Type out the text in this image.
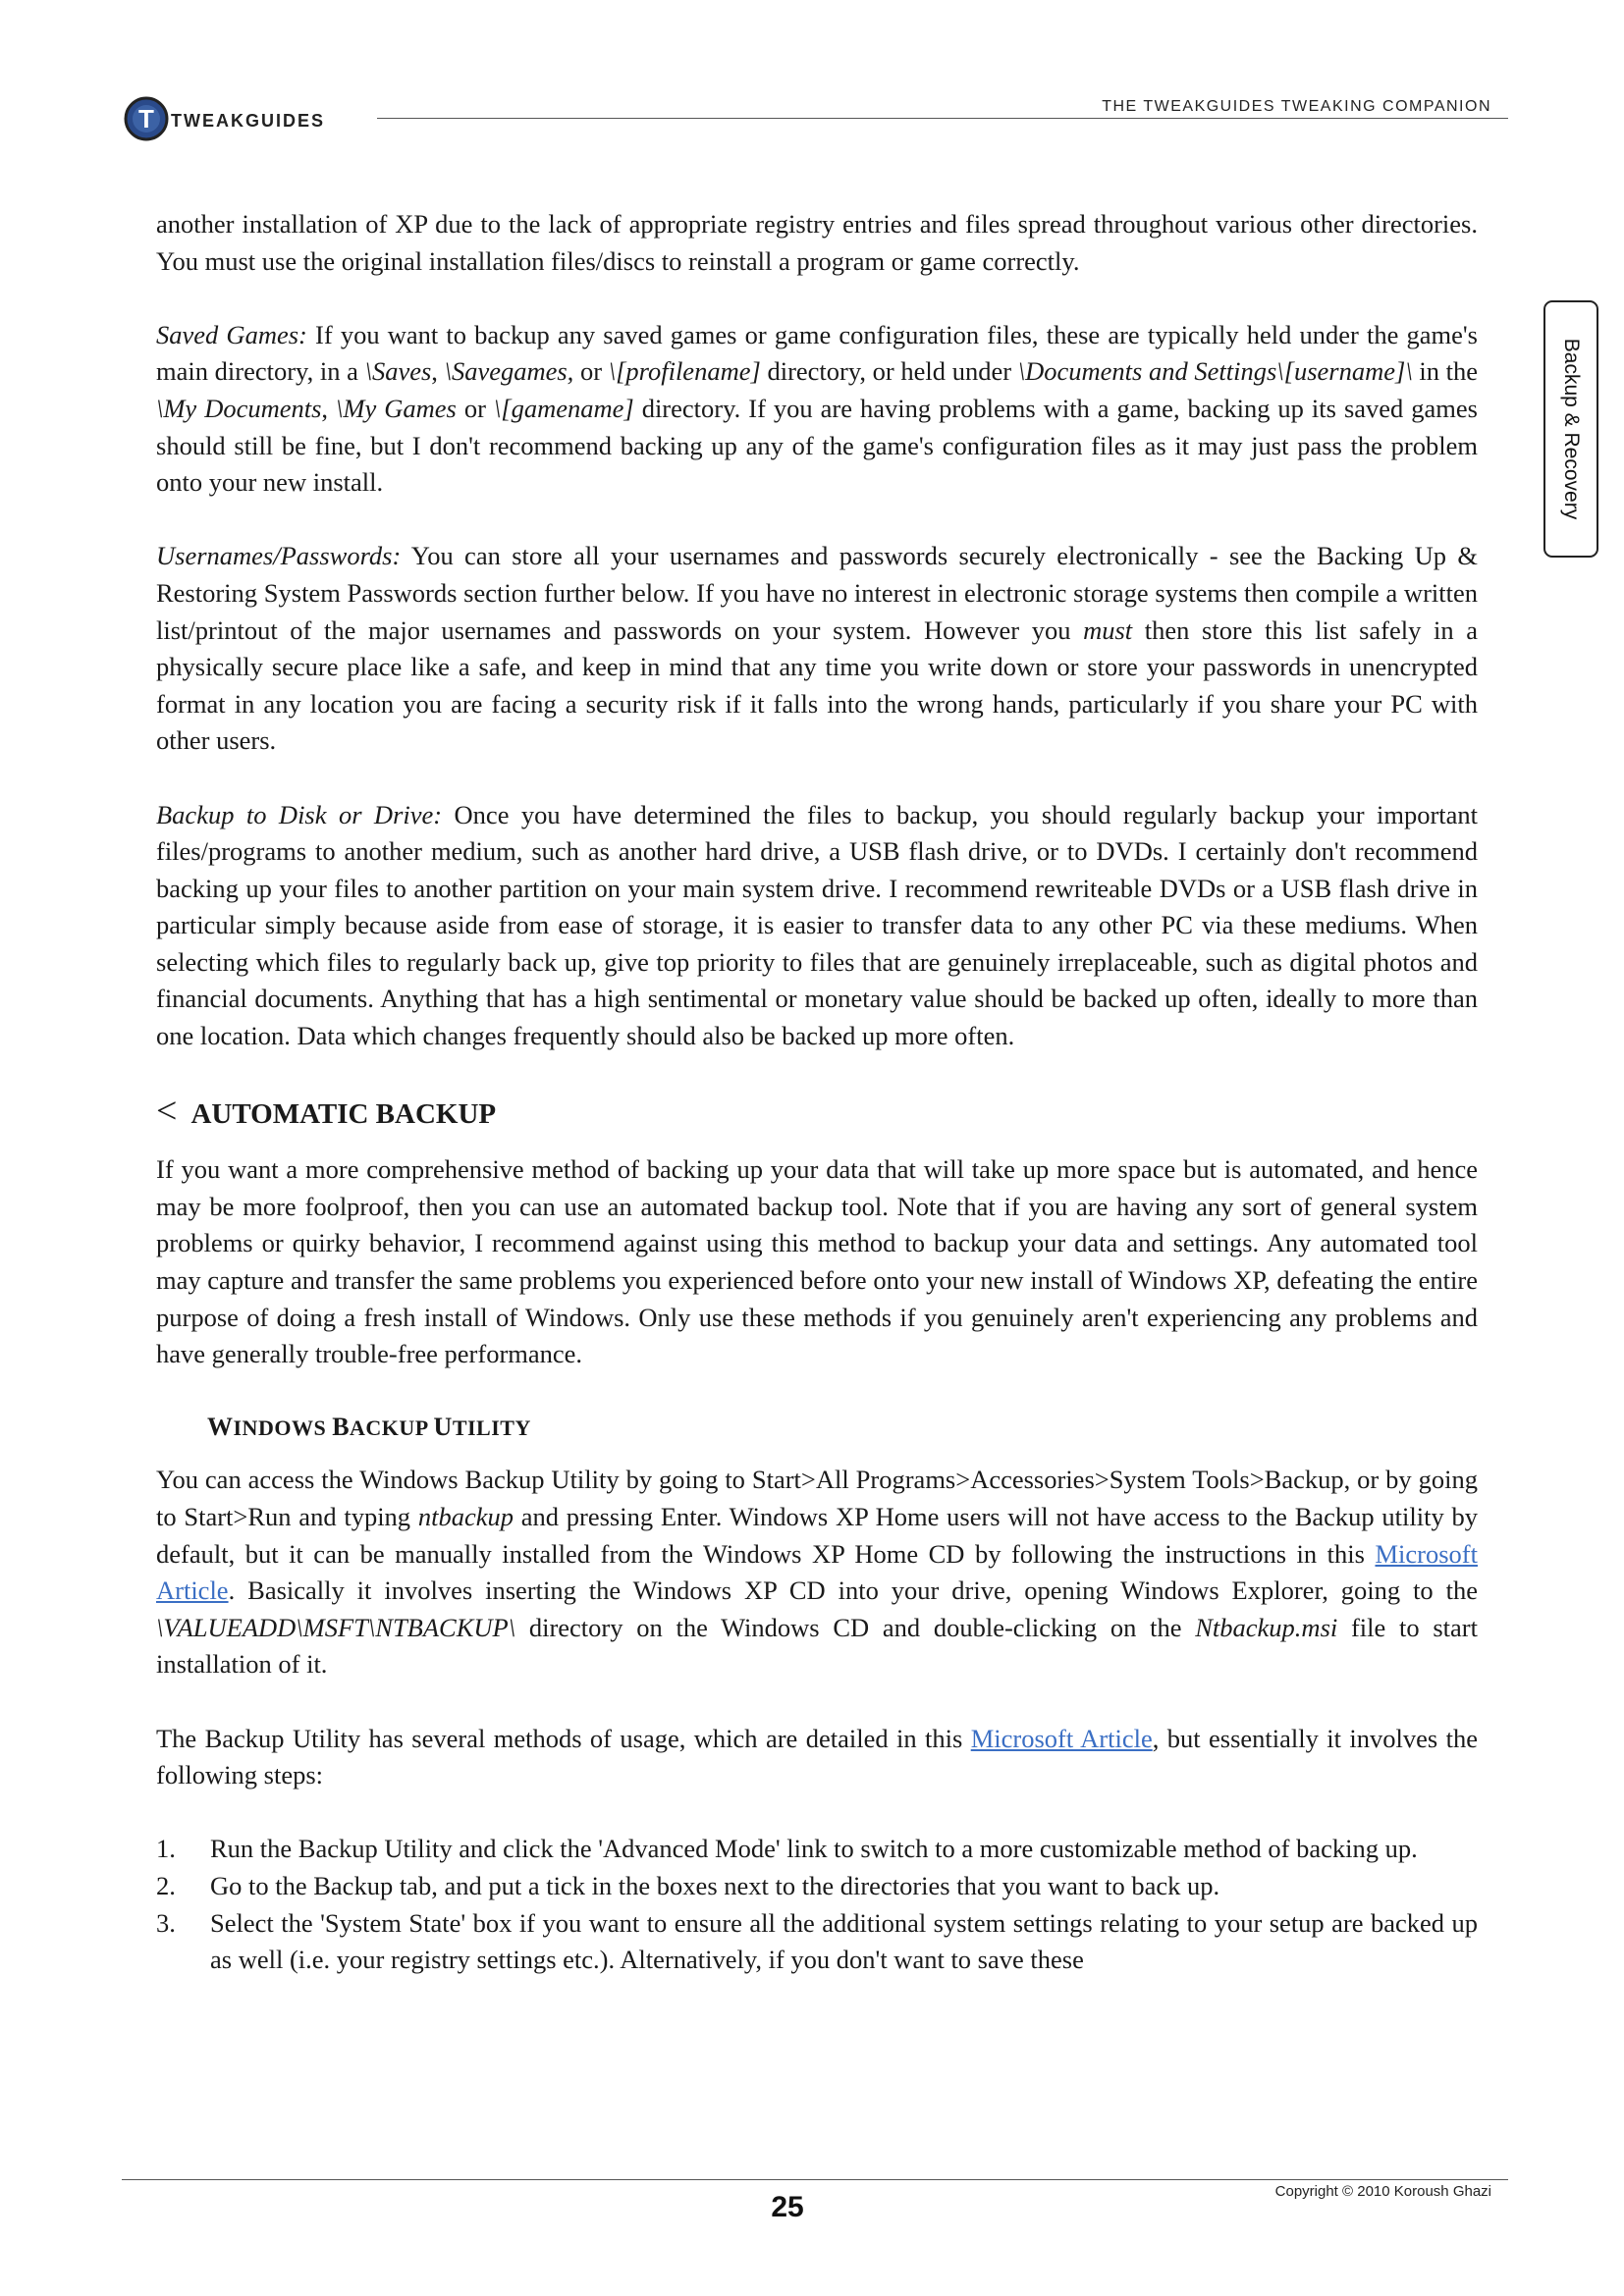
T TWEAKGUIDES
THE TWEAKGUIDES TWEAKING COMPANION
Backup & Recovery

another installation of XP due to the lack of appropriate registry entries and files spread throughout various other directories. You must use the original installation files/discs to reinstall a program or game correctly.

Saved Games: If you want to backup any saved games or game configuration files, these are typically held under the game's main directory, in a \Saves, \Savegames, or \[profilename] directory, or held under \Documents and Settings\[username]\ in the \My Documents, \My Games or \[gamename] directory. If you are having problems with a game, backing up its saved games should still be fine, but I don't recommend backing up any of the game's configuration files as it may just pass the problem onto your new install.

Usernames/Passwords: You can store all your usernames and passwords securely electronically - see the Backing Up & Restoring System Passwords section further below. If you have no interest in electronic storage systems then compile a written list/printout of the major usernames and passwords on your system. However you must then store this list safely in a physically secure place like a safe, and keep in mind that any time you write down or store your passwords in unencrypted format in any location you are facing a security risk if it falls into the wrong hands, particularly if you share your PC with other users.

Backup to Disk or Drive: Once you have determined the files to backup, you should regularly backup your important files/programs to another medium, such as another hard drive, a USB flash drive, or to DVDs. I certainly don't recommend backing up your files to another partition on your main system drive. I recommend rewriteable DVDs or a USB flash drive in particular simply because aside from ease of storage, it is easier to transfer data to any other PC via these mediums. When selecting which files to regularly back up, give top priority to files that are genuinely irreplaceable, such as digital photos and financial documents. Anything that has a high sentimental or monetary value should be backed up often, ideally to more than one location. Data which changes frequently should also be backed up more often.

< AUTOMATIC BACKUP

If you want a more comprehensive method of backing up your data that will take up more space but is automated, and hence may be more foolproof, then you can use an automated backup tool. Note that if you are having any sort of general system problems or quirky behavior, I recommend against using this method to backup your data and settings. Any automated tool may capture and transfer the same problems you experienced before onto your new install of Windows XP, defeating the entire purpose of doing a fresh install of Windows. Only use these methods if you genuinely aren't experiencing any problems and have generally trouble-free performance.

WINDOWS BACKUP UTILITY

You can access the Windows Backup Utility by going to Start>All Programs>Accessories>System Tools>Backup, or by going to Start>Run and typing ntbackup and pressing Enter. Windows XP Home users will not have access to the Backup utility by default, but it can be manually installed from the Windows XP Home CD by following the instructions in this Microsoft Article. Basically it involves inserting the Windows XP CD into your drive, opening Windows Explorer, going to the \VALUEADD\MSFT\NTBACKUP\ directory on the Windows CD and double-clicking on the Ntbackup.msi file to start installation of it.

The Backup Utility has several methods of usage, which are detailed in this Microsoft Article, but essentially it involves the following steps:

1. Run the Backup Utility and click the 'Advanced Mode' link to switch to a more customizable method of backing up.
2. Go to the Backup tab, and put a tick in the boxes next to the directories that you want to back up.
3. Select the 'System State' box if you want to ensure all the additional system settings relating to your setup are backed up as well (i.e. your registry settings etc.). Alternatively, if you don't want to save these
Copyright © 2010 Koroush Ghazi
25
